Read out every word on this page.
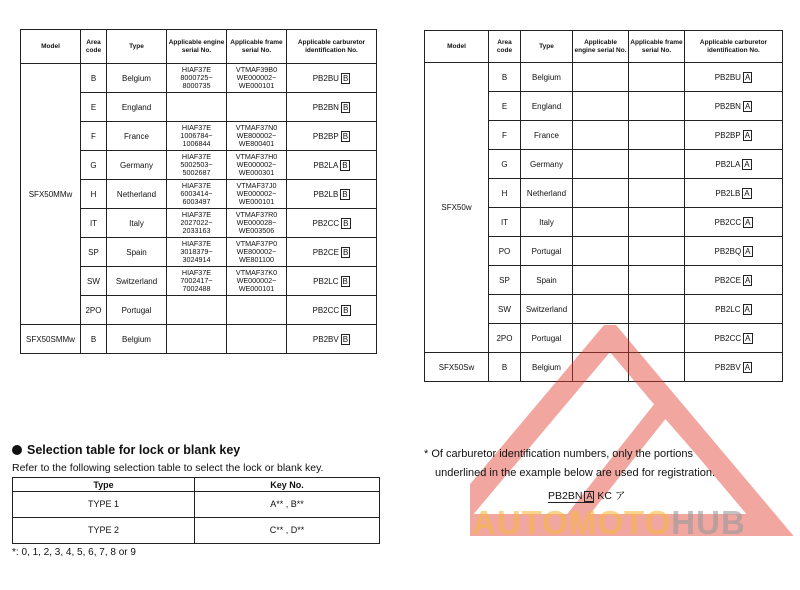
Model	Area code	Type	Applicable engine serial No.	Applicable frame serial No.	Applicable carburetor identification No.
SFX50MMw	B	Belgium	HIAF37E 8000725~ 8000735	VTMAF39B0 WE000002~ WE000101	PB2BU B
	E	England			PB2BN B
	F	France	HIAF37E 1006784~ 1006844	VTMAF37N0 WE800002~ WE800401	PB2BP B
	G	Germany	HIAF37E 5002503~ 5002687	VTMAF37H0 WE000002~ WE000301	PB2LA B
	H	Netherland	HIAF37E 6003414~ 6003497	VTMAF37J0 WE000002~ WE000101	PB2LB B
	IT	Italy	HIAF37E 2027022~ 2033163	VTMAF37R0 WE000028~ WE003506	PB2CC B
	SP	Spain	HIAF37E 3018379~ 3024914	VTMAF37P0 WE800002~ WE801100	PB2CE B
	SW	Switzerland	HIAF37E 7002417~ 7002488	VTMAF37K0 WE000002~ WE000101	PB2LC B
	2PO	Portugal			PB2CC B
SFX50SMMw	B	Belgium			PB2BV B
Model	Area code	Type	Applicable engine serial No.	Applicable frame serial No.	Applicable carburetor identification No.
SFX50w	B	Belgium			PB2BU A
	E	England			PB2BN A
	F	France			PB2BP A
	G	Germany			PB2LA A
	H	Netherland			PB2LB A
	IT	Italy			PB2CC A
	PO	Portugal			PB2BQ A
	SP	Spain			PB2CE A
	SW	Switzerland			PB2LC A
	2PO	Portugal			PB2CC A
SFX50Sw	B	Belgium			PB2BV A
AUTOMOTOHUB
Selection table for lock or blank key
Refer to the following selection table to select the lock or blank key.
Type	Key No.
TYPE 1	A** , B**
TYPE 2	C** , D**
*: 0, 1, 2, 3, 4, 5, 6, 7, 8 or 9
* Of carburetor identification numbers, only the portions
underlined in the example below are used for registration.
PB2BN A KC ア
